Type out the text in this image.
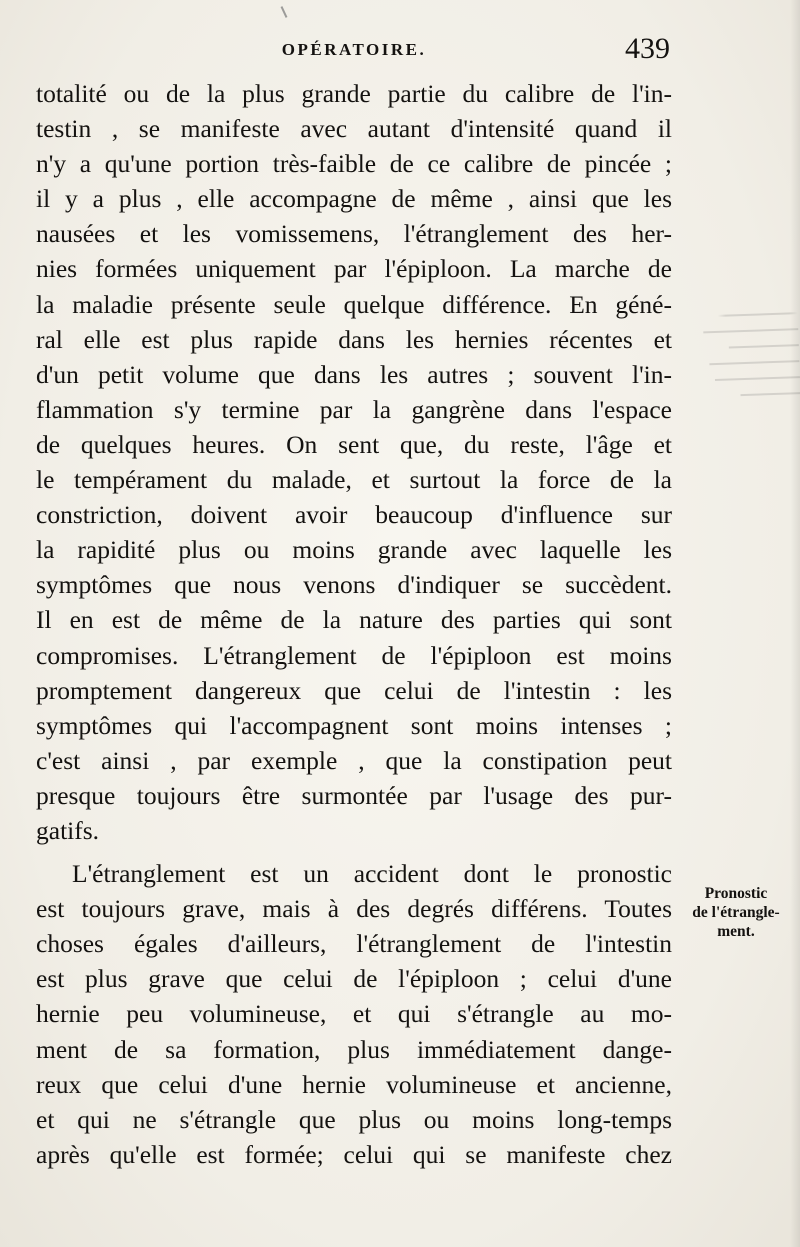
OPÉRATOIRE.	439
totalité ou de la plus grande partie du calibre de l'in-
testin , se manifeste avec autant d'intensité quand il
n'y a qu'une portion très-faible de ce calibre de pincée ;
il y a plus , elle accompagne de même , ainsi que les
nausées et les vomissemens, l'étranglement des her-
nies formées uniquement par l'épiploon. La marche de
la maladie présente seule quelque différence. En géné-
ral elle est plus rapide dans les hernies récentes et
d'un petit volume que dans les autres ; souvent l'in-
flammation s'y termine par la gangrène dans l'espace
de quelques heures. On sent que, du reste, l'âge et
le tempérament du malade, et surtout la force de la
constriction, doivent avoir beaucoup d'influence sur
la rapidité plus ou moins grande avec laquelle les
symptômes que nous venons d'indiquer se succèdent.
Il en est de même de la nature des parties qui sont
compromises. L'étranglement de l'épiploon est moins
promptement dangereux que celui de l'intestin : les
symptômes qui l'accompagnent sont moins intenses ;
c'est ainsi , par exemple , que la constipation peut
presque toujours être surmontée par l'usage des pur-
gatifs.
L'étranglement est un accident dont le pronostic
est toujours grave, mais à des degrés différens. Toutes
choses égales d'ailleurs, l'étranglement de l'intestin
est plus grave que celui de l'épiploon ; celui d'une
hernie peu volumineuse, et qui s'étrangle au mo-
ment de sa formation, plus immédiatement dange-
reux que celui d'une hernie volumineuse et ancienne,
et qui ne s'étrangle que plus ou moins long-temps
après qu'elle est formée; celui qui se manifeste chez
Pronostic
de l'étrangle-
ment.
